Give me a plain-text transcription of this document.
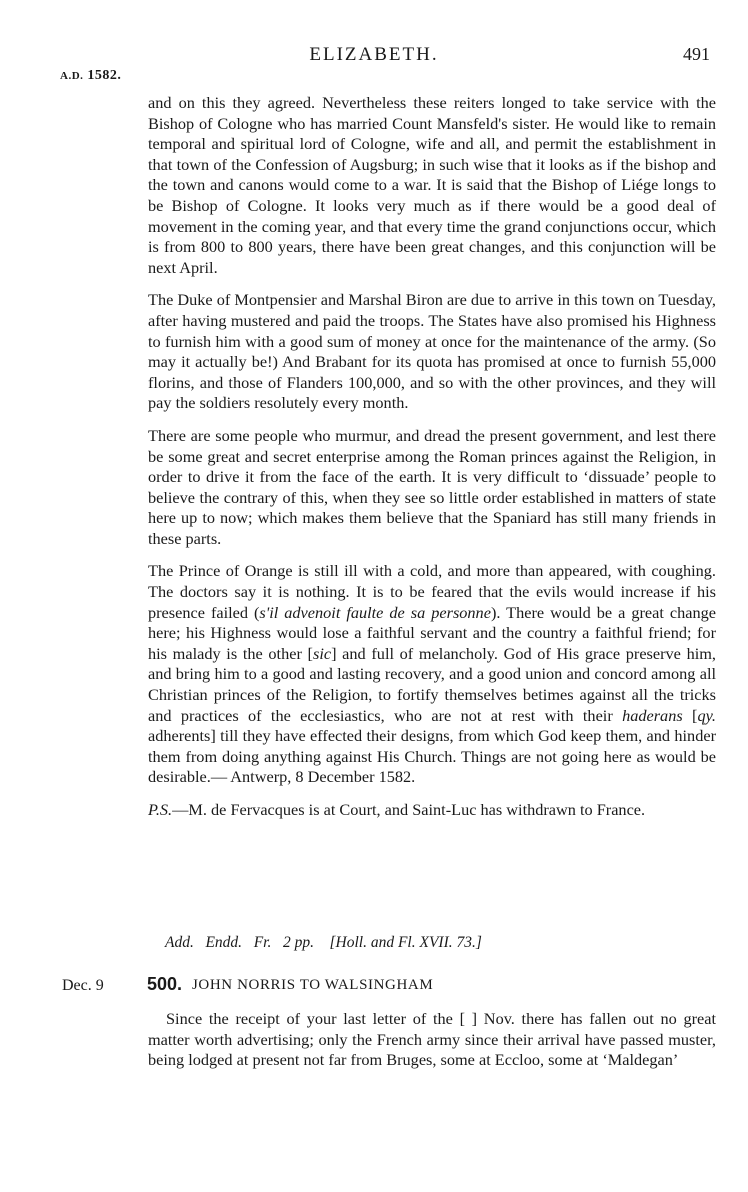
ELIZABETH.	491
A.D. 1582.

and on this they agreed. Nevertheless these reiters longed to take service with the Bishop of Cologne who has married Count Mansfeld's sister. He would like to remain temporal and spiritual lord of Cologne, wife and all, and permit the establishment in that town of the Confession of Augsburg; in such wise that it looks as if the bishop and the town and canons would come to a war. It is said that the Bishop of Liége longs to be Bishop of Cologne. It looks very much as if there would be a good deal of movement in the coming year, and that every time the grand conjunctions occur, which is from 800 to 800 years, there have been great changes, and this conjunction will be next April.

The Duke of Montpensier and Marshal Biron are due to arrive in this town on Tuesday, after having mustered and paid the troops. The States have also promised his Highness to furnish him with a good sum of money at once for the maintenance of the army. (So may it actually be!) And Brabant for its quota has promised at once to furnish 55,000 florins, and those of Flanders 100,000, and so with the other provinces, and they will pay the soldiers resolutely every month.

There are some people who murmur, and dread the present government, and lest there be some great and secret enterprise among the Roman princes against the Religion, in order to drive it from the face of the earth. It is very difficult to ‘dissuade’ people to believe the contrary of this, when they see so little order established in matters of state here up to now; which makes them believe that the Spaniard has still many friends in these parts.

The Prince of Orange is still ill with a cold, and more than appeared, with coughing. The doctors say it is nothing. It is to be feared that the evils would increase if his presence failed (s'il advenoit faulte de sa personne). There would be a great change here; his Highness would lose a faithful servant and the country a faithful friend; for his malady is the other [sic] and full of melancholy. God of His grace preserve him, and bring him to a good and lasting recovery, and a good union and concord among all Christian princes of the Religion, to fortify themselves betimes against all the tricks and practices of the ecclesiastics, who are not at rest with their haderans [qy. adherents] till they have effected their designs, from which God keep them, and hinder them from doing anything against His Church. Things are not going here as would be desirable.— Antwerp, 8 December 1582.

P.S.—M. de Fervacques is at Court, and Saint-Luc has withdrawn to France.

Add. Endd. Fr. 2 pp. [Holl. and Fl. XVII. 73.]
Dec. 9 500. JOHN NORRIS TO WALSINGHAM

Since the receipt of your last letter of the [ ] Nov. there has fallen out no great matter worth advertising; only the French army since their arrival have passed muster, being lodged at present not far from Bruges, some at Eccloo, some at ‘Maldegan’
